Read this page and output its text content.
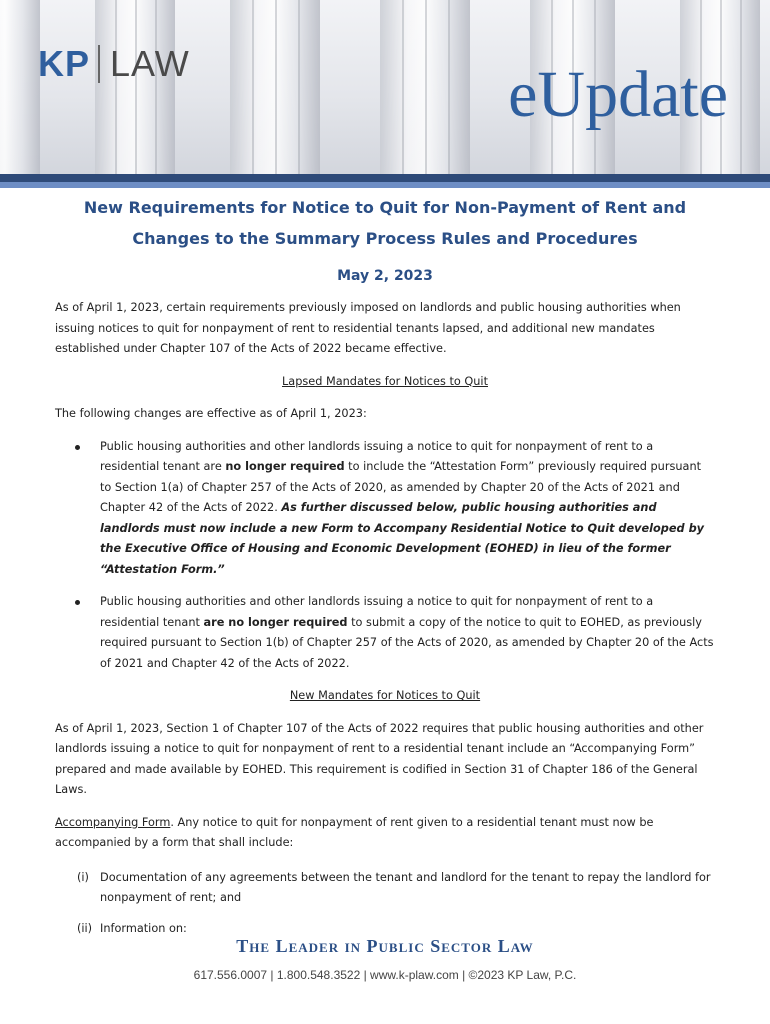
KP LAW	eUpdate
New Requirements for Notice to Quit for Non-Payment of Rent and
Changes to the Summary Process Rules and Procedures
May 2, 2023

As of April 1, 2023, certain requirements previously imposed on landlords and public housing authorities when issuing notices to quit for nonpayment of rent to residential tenants lapsed, and additional new mandates established under Chapter 107 of the Acts of 2022 became effective.

Lapsed Mandates for Notices to Quit

The following changes are effective as of April 1, 2023:

Public housing authorities and other landlords issuing a notice to quit for nonpayment of rent to a residential tenant are no longer required to include the “Attestation Form” previously required pursuant to Section 1(a) of Chapter 257 of the Acts of 2020, as amended by Chapter 20 of the Acts of 2021 and Chapter 42 of the Acts of 2022. As further discussed below, public housing authorities and landlords must now include a new Form to Accompany Residential Notice to Quit developed by the Executive Office of Housing and Economic Development (EOHED) in lieu of the former “Attestation Form.”
Public housing authorities and other landlords issuing a notice to quit for nonpayment of rent to a residential tenant are no longer required to submit a copy of the notice to quit to EOHED, as previously required pursuant to Section 1(b) of Chapter 257 of the Acts of 2020, as amended by Chapter 20 of the Acts of 2021 and Chapter 42 of the Acts of 2022.

New Mandates for Notices to Quit

As of April 1, 2023, Section 1 of Chapter 107 of the Acts of 2022 requires that public housing authorities and other landlords issuing a notice to quit for nonpayment of rent to a residential tenant include an “Accompanying Form” prepared and made available by EOHED. This requirement is codified in Section 31 of Chapter 186 of the General Laws.

Accompanying Form. Any notice to quit for nonpayment of rent given to a residential tenant must now be accompanied by a form that shall include:

(i) Documentation of any agreements between the tenant and landlord for the tenant to repay the landlord for nonpayment of rent; and
(ii) Information on:
The Leader in Public Sector Law
617.556.0007 | 1.800.548.3522 | www.k-plaw.com | ©2023 KP Law, P.C.
